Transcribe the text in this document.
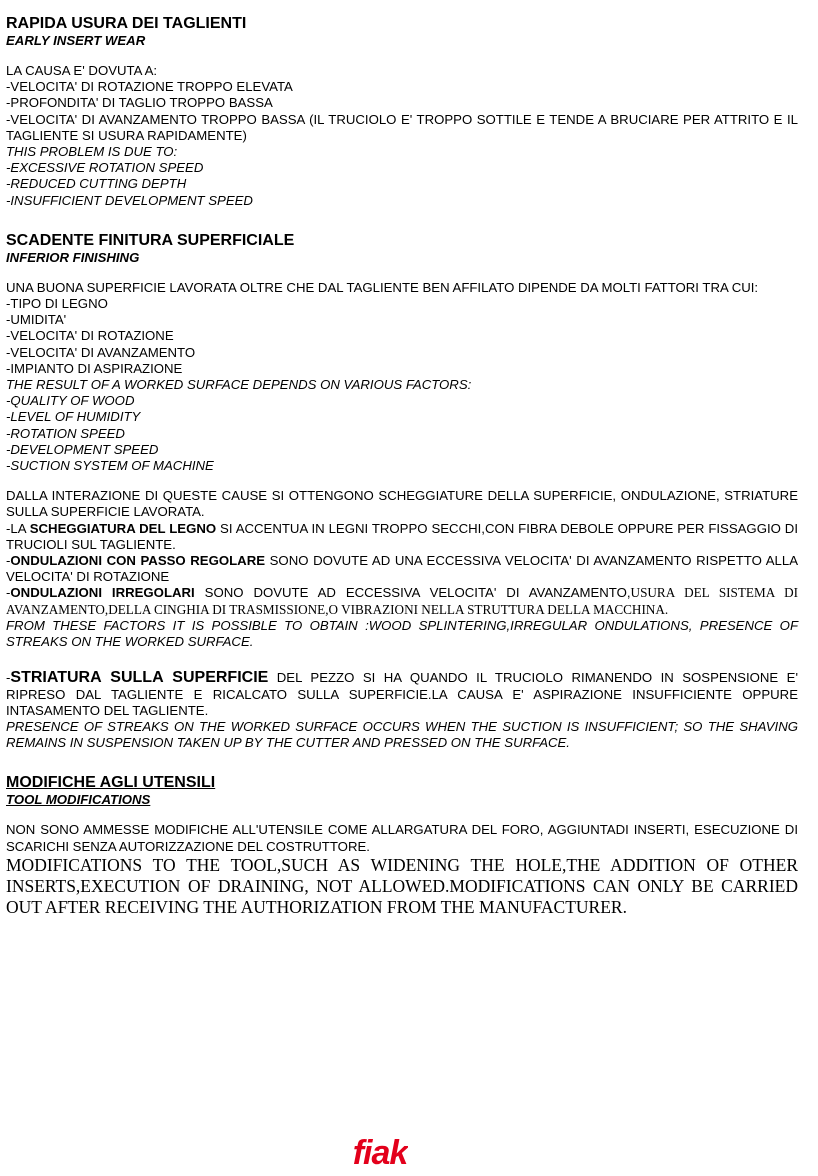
RAPIDA USURA DEI TAGLIENTI
EARLY INSERT WEAR

LA CAUSA E' DOVUTA A:

-VELOCITA' DI ROTAZIONE TROPPO ELEVATA

-PROFONDITA' DI TAGLIO TROPPO BASSA

-VELOCITA' DI AVANZAMENTO TROPPO BASSA (IL TRUCIOLO E' TROPPO SOTTILE E TENDE A BRUCIARE PER ATTRITO E IL TAGLIENTE SI USURA RAPIDAMENTE)

THIS PROBLEM IS DUE TO:

-EXCESSIVE ROTATION SPEED

-REDUCED CUTTING DEPTH

-INSUFFICIENT DEVELOPMENT SPEED

SCADENTE FINITURA SUPERFICIALE
INFERIOR FINISHING

UNA BUONA SUPERFICIE LAVORATA OLTRE CHE DAL TAGLIENTE BEN AFFILATO DIPENDE DA MOLTI FATTORI TRA CUI:

-TIPO DI LEGNO

-UMIDITA'

-VELOCITA' DI ROTAZIONE

-VELOCITA' DI AVANZAMENTO

-IMPIANTO DI ASPIRAZIONE

THE RESULT OF A WORKED SURFACE DEPENDS ON VARIOUS FACTORS:

-QUALITY OF WOOD

-LEVEL OF HUMIDITY

-ROTATION SPEED

-DEVELOPMENT SPEED

-SUCTION SYSTEM OF MACHINE

DALLA INTERAZIONE DI QUESTE CAUSE SI OTTENGONO SCHEGGIATURE DELLA SUPERFICIE, ONDULAZIONE, STRIATURE SULLA SUPERFICIE LAVORATA.

-LA SCHEGGIATURA DEL LEGNO SI ACCENTUA IN LEGNI TROPPO SECCHI,CON FIBRA DEBOLE OPPURE PER FISSAGGIO DI TRUCIOLI SUL TAGLIENTE.

-ONDULAZIONI CON PASSO REGOLARE SONO DOVUTE AD UNA ECCESSIVA VELOCITA' DI AVANZAMENTO RISPETTO ALLA VELOCITA' DI ROTAZIONE

-ONDULAZIONI IRREGOLARI SONO DOVUTE AD ECCESSIVA VELOCITA' DI AVANZAMENTO,USURA DEL SISTEMA DI AVANZAMENTO,DELLA CINGHIA DI TRASMISSIONE,O VIBRAZIONI NELLA STRUTTURA DELLA MACCHINA.

FROM THESE FACTORS IT IS POSSIBLE TO OBTAIN :WOOD SPLINTERING,IRREGULAR ONDULATIONS, PRESENCE OF STREAKS ON THE WORKED SURFACE.

-STRIATURA SULLA SUPERFICIE DEL PEZZO SI HA QUANDO IL TRUCIOLO RIMANENDO IN SOSPENSIONE E' RIPRESO DAL TAGLIENTE E RICALCATO SULLA SUPERFICIE.LA CAUSA E' ASPIRAZIONE INSUFFICIENTE OPPURE INTASAMENTO DEL TAGLIENTE.

PRESENCE OF STREAKS ON THE WORKED SURFACE OCCURS WHEN THE SUCTION IS INSUFFICIENT; SO THE SHAVING REMAINS IN SUSPENSION TAKEN UP BY THE CUTTER AND PRESSED ON THE SURFACE.

MODIFICHE AGLI UTENSILI
TOOL MODIFICATIONS

NON SONO AMMESSE MODIFICHE ALL'UTENSILE COME ALLARGATURA DEL FORO, AGGIUNTADI INSERTI, ESECUZIONE DI SCARICHI SENZA AUTORIZZAZIONE DEL COSTRUTTORE.

MODIFICATIONS TO THE TOOL,SUCH AS WIDENING THE HOLE,THE ADDITION OF OTHER INSERTS,EXECUTION OF DRAINING, NOT ALLOWED.MODIFICATIONS CAN ONLY BE CARRIED OUT AFTER RECEIVING THE AUTHORIZATION FROM THE MANUFACTURER.

fiak
